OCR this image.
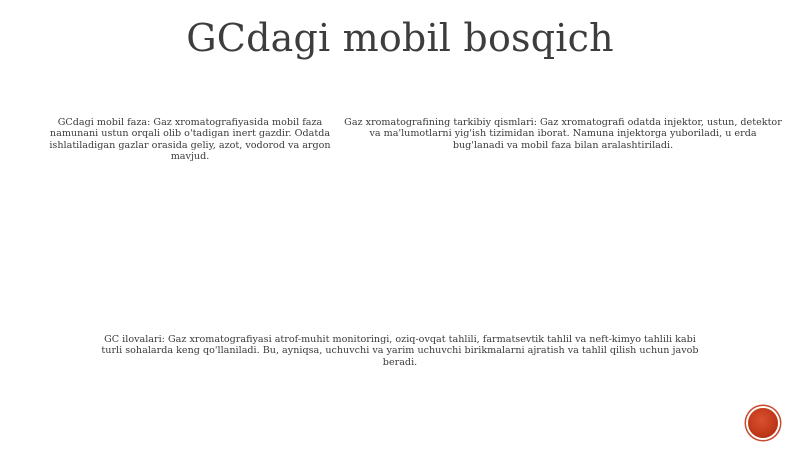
GCdagi mobil bosqich

GCdagi mobil faza: Gaz xromatografiyasida mobil faza namunani ustun orqali olib o'tadigan inert gazdir. Odatda ishlatiladigan gazlar orasida geliy, azot, vodorod va argon mavjud.

Gaz xromatografining tarkibiy qismlari: Gaz xromatografi odatda injektor, ustun, detektor va ma'lumotlarni yig'ish tizimidan iborat. Namuna injektorga yuboriladi, u erda bug'lanadi va mobil faza bilan aralashtiriladi.

GC ilovalari: Gaz xromatografiyasi atrof-muhit monitoringi, oziq-ovqat tahlili, farmatsevtik tahlil va neft-kimyo tahlili kabi turli sohalarda keng qo'llaniladi. Bu, ayniqsa, uchuvchi va yarim uchuvchi birikmalarni ajratish va tahlil qilish uchun javob beradi.
